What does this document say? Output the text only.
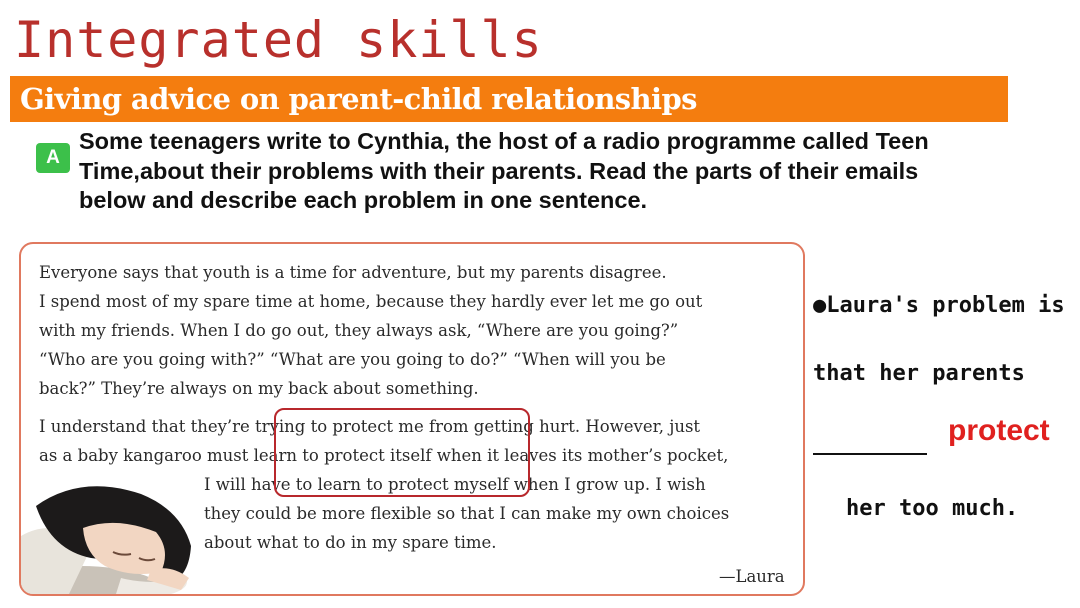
Integrated skills
Giving advice on parent-child relationships
A
Some teenagers write to Cynthia, the host of a radio programme called Teen
Time,about their problems with their parents. Read the parts of their emails
below and describe each problem in one sentence.
Everyone says that youth is a time for adventure, but my parents disagree.
I spend most of my spare time at home, because they hardly ever let me go out
with my friends. When I do go out, they always ask, “Where are you going?”
“Who are you going with?” “What are you going to do?” “When will you be
back?” They’re always on my back about something.
I understand that they’re trying to protect me from getting hurt. However, just
as a baby kangaroo must learn to protect itself when it leaves its mother’s pocket,
I will have to learn to protect myself when I grow up. I wish
they could be more flexible so that I can make my own choices
about what to do in my spare time.
—Laura
●Laura's problem is
that her parents
protect
her too much.
